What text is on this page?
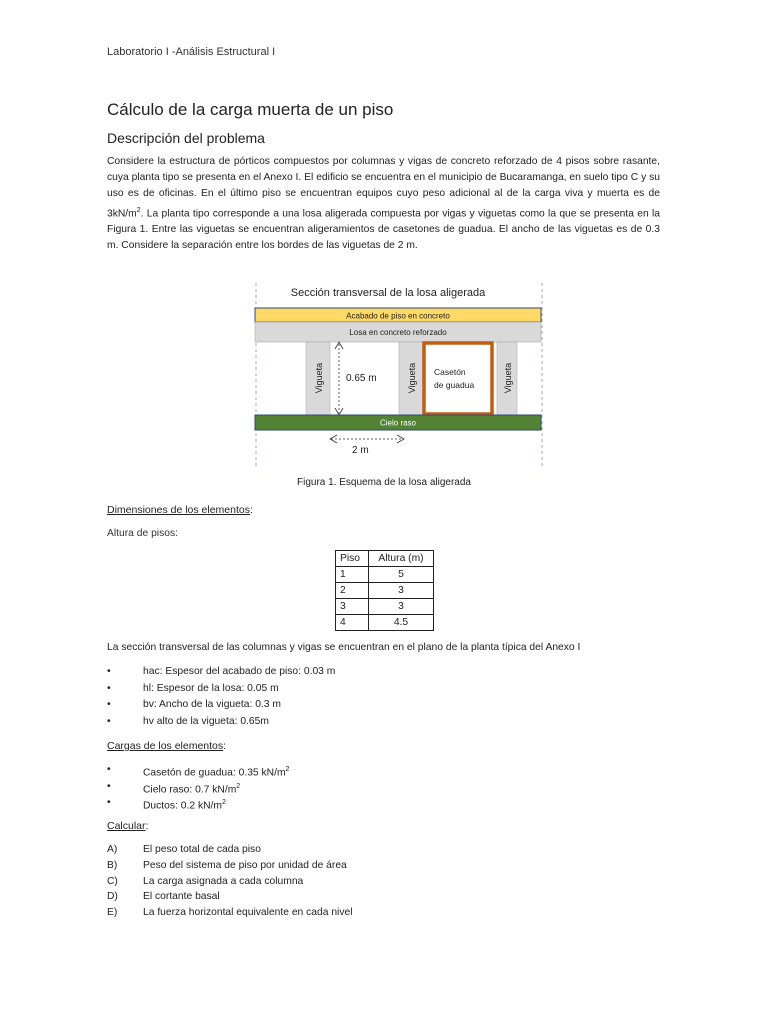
Laboratorio I -Análisis Estructural I
Cálculo de la carga muerta de un piso
Descripción del problema
Considere la estructura de pórticos compuestos por columnas y vigas de concreto reforzado de 4 pisos sobre rasante, cuya planta tipo se presenta en el Anexo I. El edificio se encuentra en el municipio de Bucaramanga, en suelo tipo C y su uso es de oficinas. En el último piso se encuentran equipos cuyo peso adicional al de la carga viva y muerta es de $3kN/m^2$. La planta tipo corresponde a una losa aligerada compuesta por vigas y viguetas como la que se presenta en la Figura 1. Entre las viguetas se encuentran aligeramientos de casetones de guadua. El ancho de las viguetas es de 0.3 m. Considere la separación entre los bordes de las viguetas de 2 m.
Sección transversal de la losa aligerada
Acabado de piso en concreto
Losa en concreto reforzado
Vigueta	Vigueta	Vigueta
0.65 m
Casetón
de guadua
Cielo raso
2 m
Figura 1. Esquema de la losa aligerada
Dimensiones de los elementos:
Altura de pisos:
Piso	Altura (m)
1	5
2	3
3	3
4	4.5
La sección transversal de las columnas y vigas se encuentran en el plano de la planta típica del Anexo I
• hac: Espesor del acabado de piso: 0.03 m
• hl: Espesor de la losa: 0.05 m
• bv: Ancho de la vigueta: 0.3 m
• hv alto de la vigueta: 0.65m
Cargas de los elementos:
• Casetón de guadua: 0.35 $kN/m^2$
• Cielo raso: 0.7 $kN/m^2$
• Ductos: 0.2 $kN/m^2$
Calcular:
A)	El peso total de cada piso
B)	Peso del sistema de piso por unidad de área
C)	La carga asignada a cada columna
D)	El cortante basal
E)	La fuerza horizontal equivalente en cada nivel
